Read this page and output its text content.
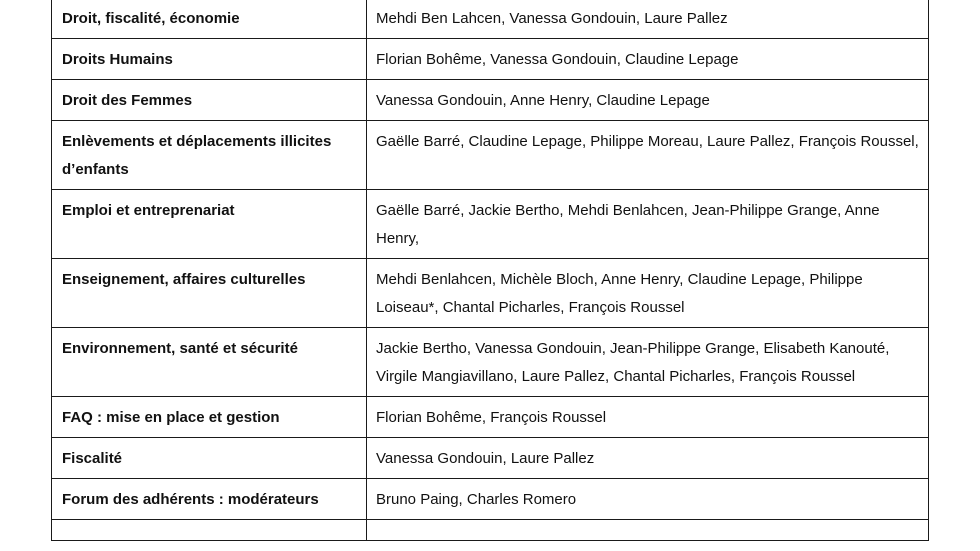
Droit, fiscalité, économie	Mehdi Ben Lahcen, Vanessa Gondouin, Laure Pallez
Droits Humains	Florian Bohême, Vanessa Gondouin, Claudine Lepage
Droit des Femmes	Vanessa Gondouin, Anne Henry, Claudine Lepage
Enlèvements et déplacements illicites d’enfants	Gaëlle Barré, Claudine Lepage, Philippe Moreau, Laure Pallez, François Roussel,
Emploi et entreprenariat	Gaëlle Barré, Jackie Bertho, Mehdi Benlahcen, Jean-Philippe Grange, Anne Henry,
Enseignement, affaires culturelles	Mehdi Benlahcen, Michèle Bloch, Anne Henry, Claudine Lepage, Philippe Loiseau*, Chantal Picharles, François Roussel
Environnement, santé et sécurité	Jackie Bertho, Vanessa Gondouin, Jean-Philippe Grange, Elisabeth Kanouté, Virgile Mangiavillano, Laure Pallez, Chantal Picharles, François Roussel
FAQ : mise en place et gestion	Florian Bohême, François Roussel
Fiscalité	Vanessa Gondouin, Laure Pallez
Forum des adhérents : modérateurs	Bruno Paing, Charles Romero
